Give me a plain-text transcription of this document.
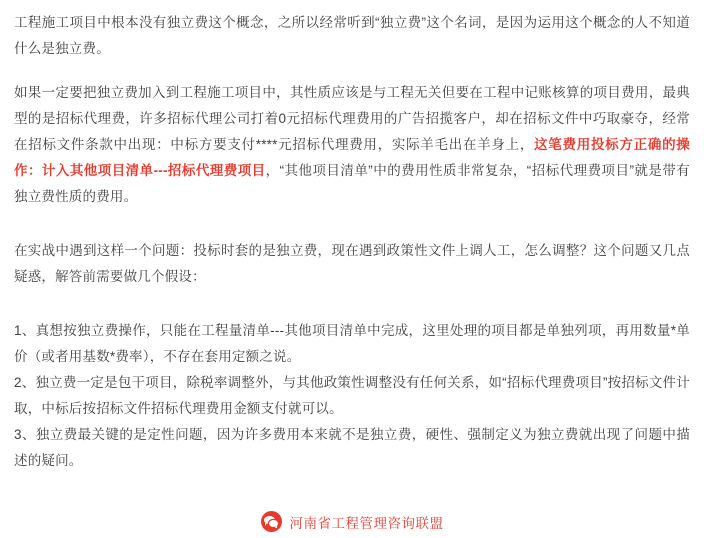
工程施工项目中根本没有独立费这个概念，之所以经常听到“独立费”这个名词，是因为运用这个概念的人不知道什么是独立费。
如果一定要把独立费加入到工程施工项目中，其性质应该是与工程无关但要在工程中记账核算的项目费用，最典型的是招标代理费，许多招标代理公司打着0元招标代理费用的广告招揽客户，却在招标文件中巧取豪夺，经常在招标文件条款中出现：中标方要支付****元招标代理费用，实际羊毛出在羊身上，这笔费用投标方正确的操作：计入其他项目清单---招标代理费项目，“其他项目清单”中的费用性质非常复杂，“招标代理费项目”就是带有独立费性质的费用。
在实战中遇到这样一个问题：投标时套的是独立费，现在遇到政策性文件上调人工，怎么调整？这个问题又几点疑惑，解答前需要做几个假设：
1、真想按独立费操作，只能在工程量清单---其他项目清单中完成，这里处理的项目都是单独列项，再用数量*单价（或者用基数*费率），不存在套用定额之说。
2、独立费一定是包干项目，除税率调整外，与其他政策性调整没有任何关系，如“招标代理费项目”按招标文件计取，中标后按招标文件招标代理费用金额支付就可以。
3、独立费最关键的是定性问题，因为许多费用本来就不是独立费，硬性、强制定义为独立费就出现了问题中描述的疑问。
河南省工程管理咨询联盟
